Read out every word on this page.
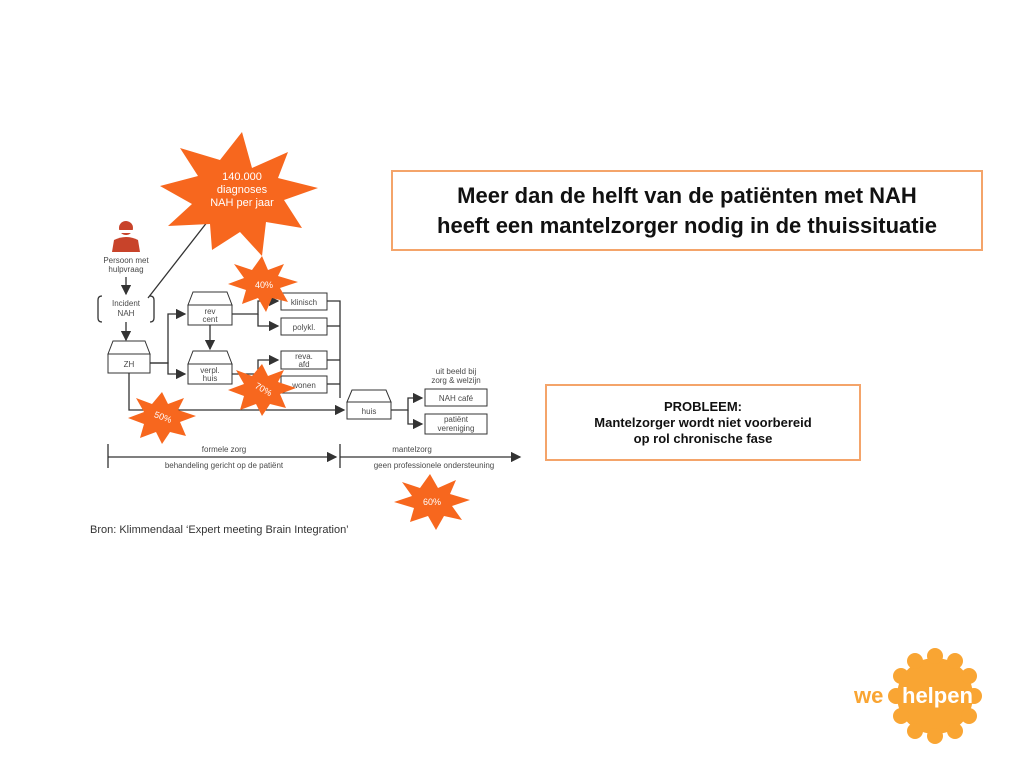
140.000
diagnoses
NAH per jaar
Persoon met
hulpvraag
Incident
NAH
ZH
rev
cent
verpl.
huis
klinisch
polykl.
reva.
afd
wonen
huis
uit beeld bij
zorg & welzijn
NAH café
patiënt
vereniging
40%
70%
50%
60%
formele zorg	mantelzorg
behandeling gericht op de patiënt	geen professionele ondersteuning
Meer dan de helft van de patiënten met NAH
heeft een mantelzorger nodig in de thuissituatie
PROBLEEM:
Mantelzorger wordt niet voorbereid
op rol chronische fase
Bron: Klimmendaal ‘Expert meeting Brain Integration’
we helpen
